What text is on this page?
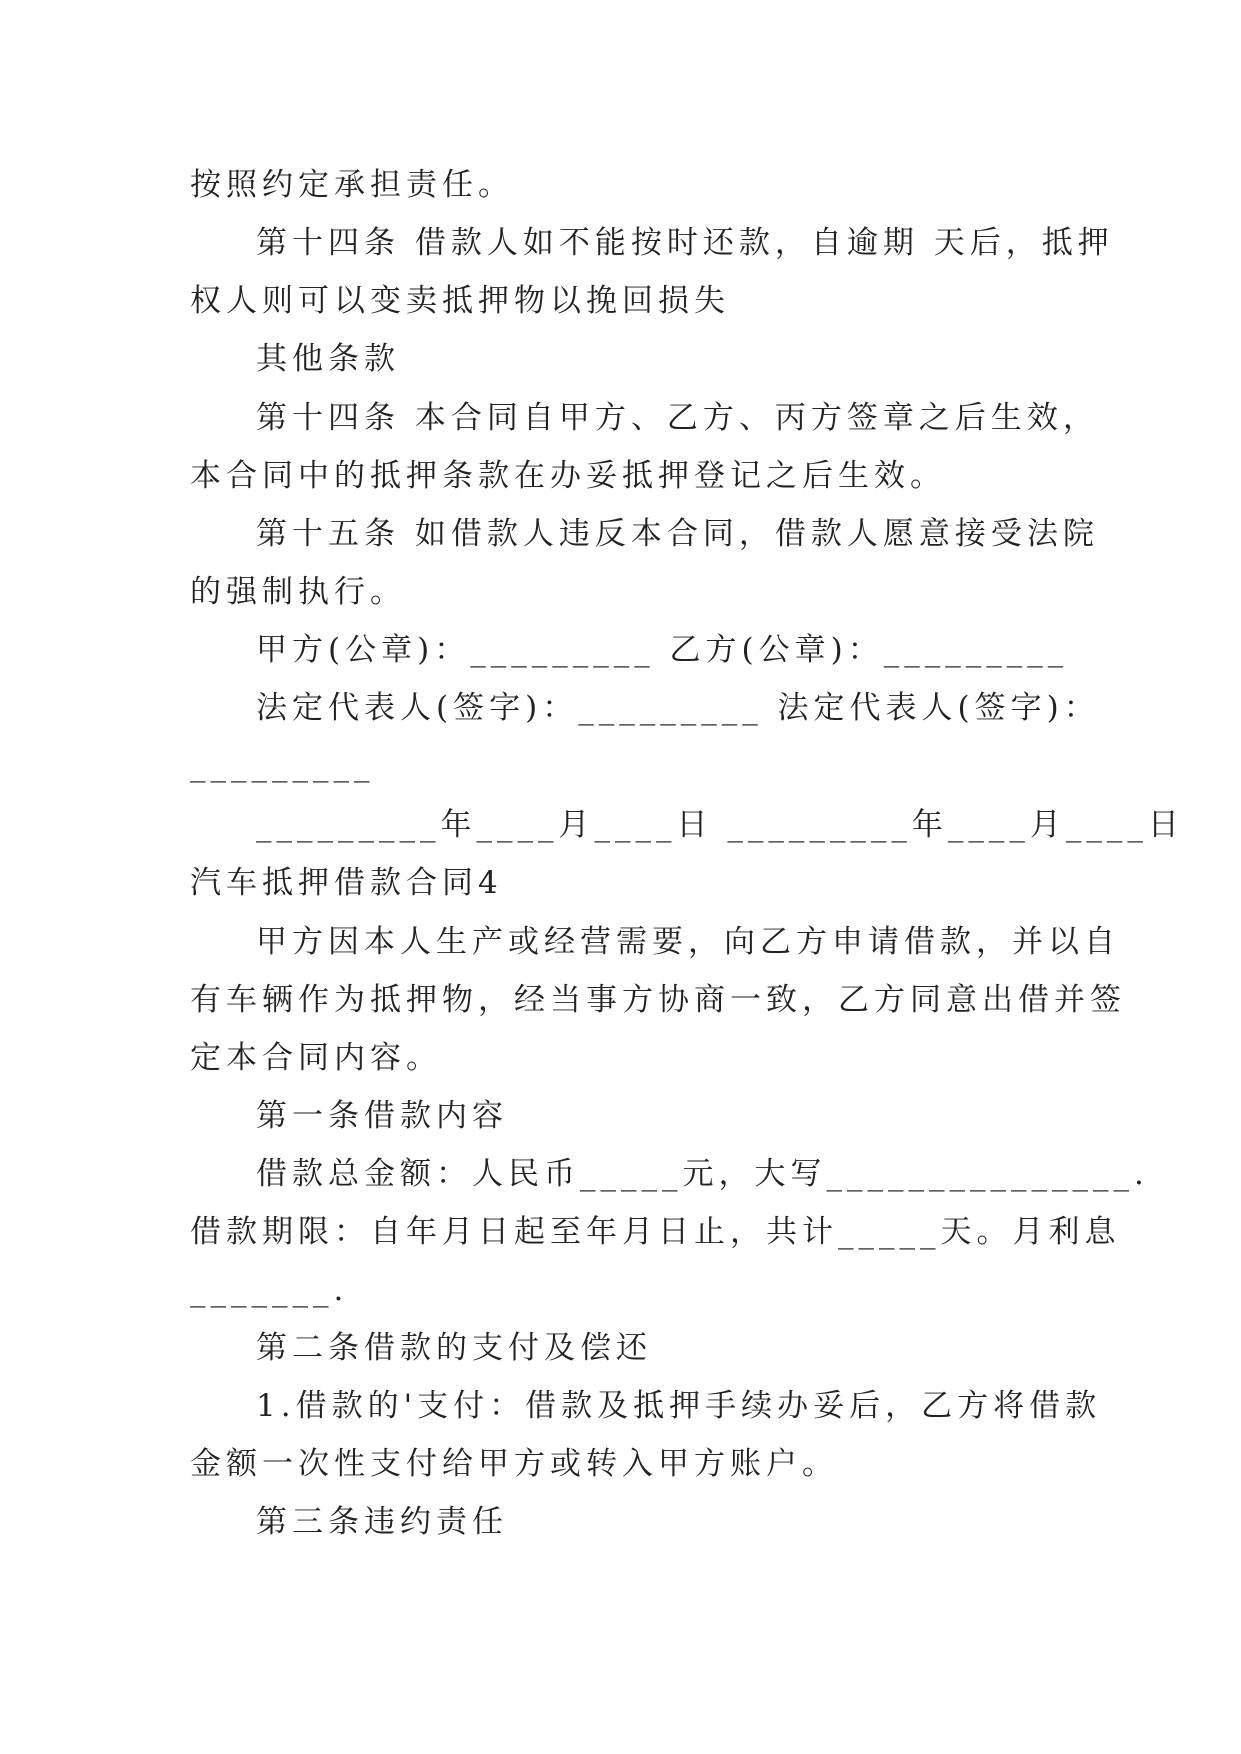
按照约定承担责任。
第十四条 借款人如不能按时还款，自逾期 天后，抵押
权人则可以变卖抵押物以挽回损失
其他条款
第十四条 本合同自甲方、乙方、丙方签章之后生效，
本合同中的抵押条款在办妥抵押登记之后生效。
第十五条 如借款人违反本合同，借款人愿意接受法院
的强制执行。
甲方(公章)：_________ 乙方(公章)：_________
法定代表人(签字)：_________ 法定代表人(签字)：
_________
_________年____月____日 _________年____月____日
汽车抵押借款合同4
甲方因本人生产或经营需要，向乙方申请借款，并以自
有车辆作为抵押物，经当事方协商一致，乙方同意出借并签
定本合同内容。
第一条借款内容
借款总金额：人民币_____元，大写_______________.
借款期限：自年月日起至年月日止，共计_____天。月利息
_______.
第二条借款的支付及偿还
1.借款的'支付：借款及抵押手续办妥后，乙方将借款
金额一次性支付给甲方或转入甲方账户。
第三条违约责任
